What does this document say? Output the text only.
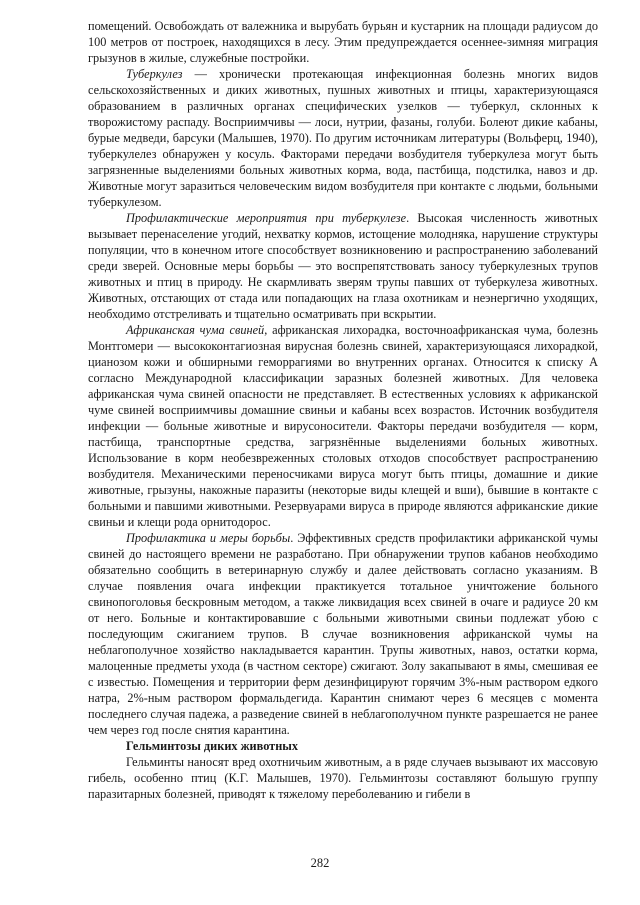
помещений. Освобождать от валежника и вырубать бурьян и кустарник на площади радиусом до 100 метров от построек, находящихся в лесу. Этим предупреждается осеннее-зимняя миграция грызунов в жилые, служебные постройки.

Туберкулез — хронически протекающая инфекционная болезнь многих видов сельскохозяйственных и диких животных, пушных животных и птицы, характеризующаяся образованием в различных органах специфических узелков — туберкул, склонных к творожистому распаду. Восприимчивы — лоси, нутрии, фазаны, голуби. Болеют дикие кабаны, бурые медведи, барсуки (Малышев, 1970). По другим источникам литературы (Вольферц, 1940), туберкулелез обнаружен у косуль. Факторами передачи возбудителя туберкулеза могут быть загрязненные выделениями больных животных корма, вода, пастбища, подстилка, навоз и др. Животные могут заразиться человеческим видом возбудителя при контакте с людьми, больными туберкулезом.

Профилактические мероприятия при туберкулезе. Высокая численность животных вызывает перенаселение угодий, нехватку кормов, истощение молодняка, нарушение структуры популяции, что в конечном итоге способствует возникновению и распространению заболеваний среди зверей. Основные меры борьбы — это воспрепятствовать заносу туберкулезных трупов животных и птиц в природу. Не скармливать зверям трупы павших от туберкулеза животных. Животных, отстающих от стада или попадающих на глаза охотникам и неэнергично уходящих, необходимо отстреливать и тщательно осматривать при вскрытии.

Африканская чума свиней, африканская лихорадка, восточноафриканская чума, болезнь Монтгомери — высококонтагиозная вирусная болезнь свиней, характеризующаяся лихорадкой, цианозом кожи и обширными геморрагиями во внутренних органах. Относится к списку А согласно Международной классификации заразных болезней животных. Для человека африканская чума свиней опасности не представляет. В естественных условиях к африканской чуме свиней восприимчивы домашние свиньи и кабаны всех возрастов. Источник возбудителя инфекции — больные животные и вирусоносители. Факторы передачи возбудителя — корм, пастбища, транспортные средства, загрязнённые выделениями больных животных. Использование в корм необезвреженных столовых отходов способствует распространению возбудителя. Механическими переносчиками вируса могут быть птицы, домашние и дикие животные, грызуны, накожные паразиты (некоторые виды клещей и вши), бывшие в контакте с больными и павшими животными. Резервуарами вируса в природе являются африканские дикие свиньи и клещи рода орнитодорос.

Профилактика и меры борьбы. Эффективных средств профилактики африканской чумы свиней до настоящего времени не разработано. При обнаружении трупов кабанов необходимо обязательно сообщить в ветеринарную службу и далее действовать согласно указаниям. В случае появления очага инфекции практикуется тотальное уничтожение больного свинопоголовья бескровным методом, а также ликвидация всех свиней в очаге и радиусе 20 км от него. Больные и контактировавшие с больными животными свиньи подлежат убою с последующим сжиганием трупов. В случае возникновения африканской чумы на неблагополучное хозяйство накладывается карантин. Трупы животных, навоз, остатки корма, малоценные предметы ухода (в частном секторе) сжигают. Золу закапывают в ямы, смешивая ее с известью. Помещения и территории ферм дезинфицируют горячим 3%-ным раствором едкого натра, 2%-ным раствором формальдегида. Карантин снимают через 6 месяцев с момента последнего случая падежа, а разведение свиней в неблагополучном пункте разрешается не ранее чем через год после снятия карантина.

Гельминтозы диких животных

Гельминты наносят вред охотничьим животным, а в ряде случаев вызывают их массовую гибель, особенно птиц (К.Г. Малышев, 1970). Гельминтозы составляют большую группу паразитарных болезней, приводят к тяжелому переболеванию и гибели в

282
